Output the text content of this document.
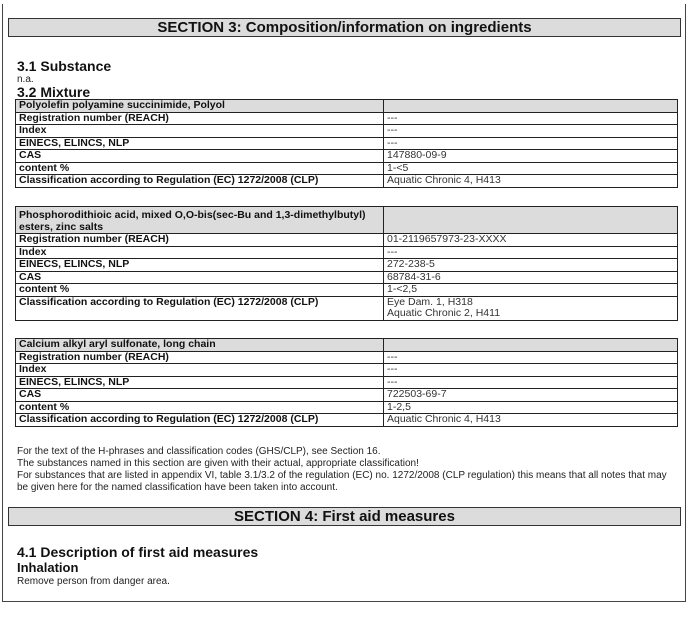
SECTION 3: Composition/information on ingredients
3.1 Substance
n.a.
3.2 Mixture
Polyolefin polyamine succinimide, Polyol	
Registration number (REACH)	---
Index	---
EINECS, ELINCS, NLP	---
CAS	147880-09-9
content %	1-<5
Classification according to Regulation (EC) 1272/2008 (CLP)	Aquatic Chronic 4, H413
Phosphorodithioic acid, mixed O,O-bis(sec-Bu and 1,3-dimethylbutyl) esters, zinc salts	
Registration number (REACH)	01-2119657973-23-XXXX
Index	---
EINECS, ELINCS, NLP	272-238-5
CAS	68784-31-6
content %	1-<2,5
Classification according to Regulation (EC) 1272/2008 (CLP)	Eye Dam. 1, H318
Aquatic Chronic 2, H411
Calcium alkyl aryl sulfonate, long chain	
Registration number (REACH)	---
Index	---
EINECS, ELINCS, NLP	---
CAS	722503-69-7
content %	1-2,5
Classification according to Regulation (EC) 1272/2008 (CLP)	Aquatic Chronic 4, H413
For the text of the H-phrases and classification codes (GHS/CLP), see Section 16.
The substances named in this section are given with their actual, appropriate classification!
For substances that are listed in appendix VI, table 3.1/3.2 of the regulation (EC) no. 1272/2008 (CLP regulation) this means that all notes that may be given here for the named classification have been taken into account.
SECTION 4: First aid measures
4.1 Description of first aid measures
Inhalation
Remove person from danger area.
